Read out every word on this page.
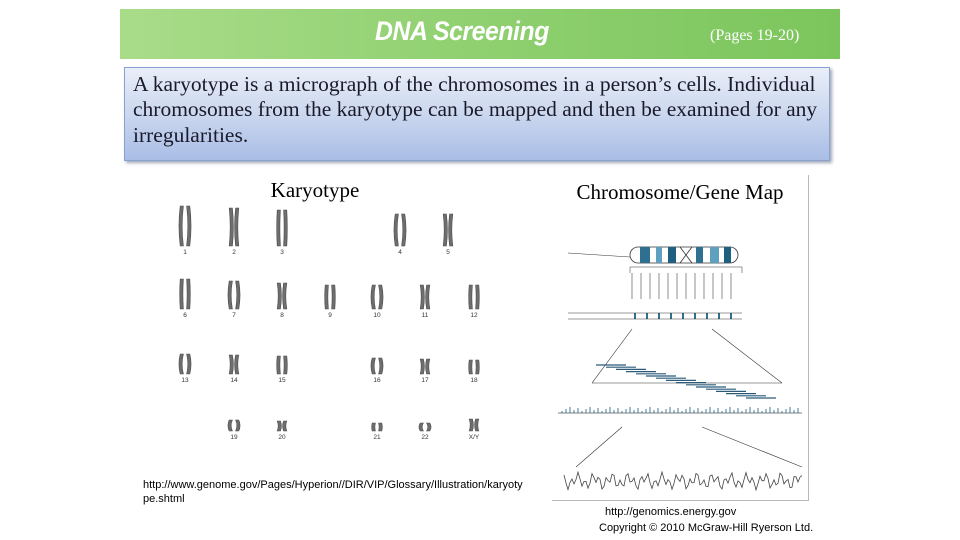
DNA Screening	(Pages 19-20)
A karyotype is a micrograph of the chromosomes in a person’s cells. Individual chromosomes from the karyotype can be mapped and then be examined for any irregularities.
Karyotype	Chromosome/Gene Map
1	2	3	4	5
6	7	8	9	10	11	12
13	14	15	16	17	18
19	20	21	22	X/Y
http://www.genome.gov/Pages/Hyperion//DIR/VIP/Glossary/Illustration/karyotype.shtml
http://genomics.energy.gov
Copyright © 2010 McGraw-Hill Ryerson Ltd.
